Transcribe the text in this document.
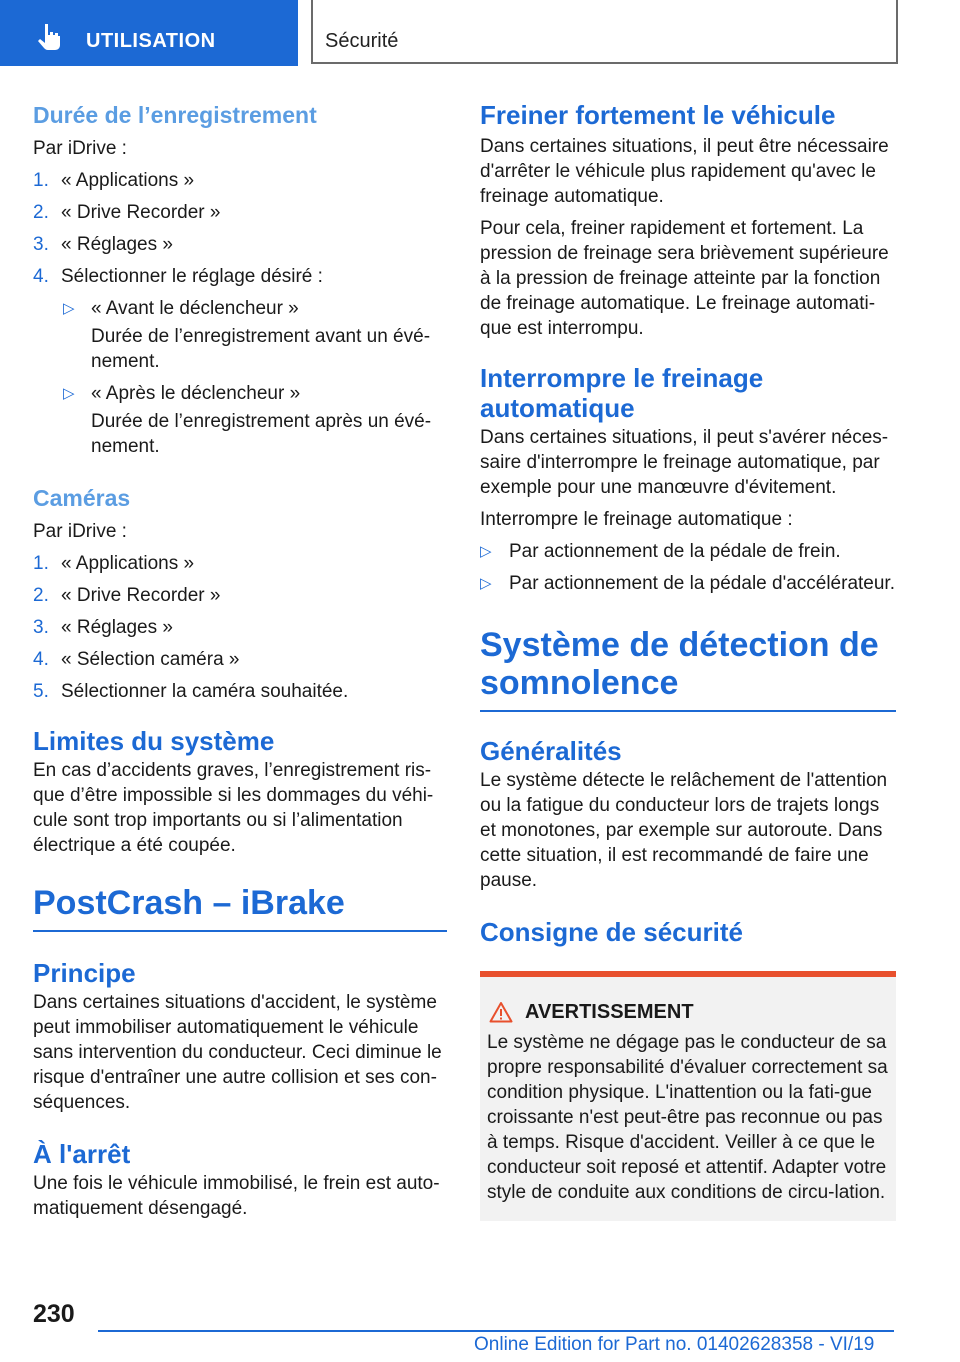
UTILISATION	Sécurité
Durée de l’enregistrement

Par iDrive :

1. « Applications »
2. « Drive Recorder »
3. « Réglages »
4. Sélectionner le réglage désiré :
▷ « Avant le déclencheur »
Durée de l’enregistrement avant un évé-nement.
▷ « Après le déclencheur »
Durée de l’enregistrement après un évé-nement.
Caméras

Par iDrive :

1. « Applications »
2. « Drive Recorder »
3. « Réglages »
4. « Sélection caméra »
5. Sélectionner la caméra souhaitée.
Limites du système

En cas d’accidents graves, l’enregistrement ris-que d’être impossible si les dommages du véhi-cule sont trop importants ou si l’alimentation électrique a été coupée.

PostCrash – iBrake
Principe

Dans certaines situations d'accident, le système peut immobiliser automatiquement le véhicule sans intervention du conducteur. Ceci diminue le risque d'entraîner une autre collision et ses con-séquences.

À l'arrêt

Une fois le véhicule immobilisé, le frein est auto-matiquement désengagé.

Freiner fortement le véhicule

Dans certaines situations, il peut être nécessaire d'arrêter le véhicule plus rapidement qu'avec le freinage automatique.

Pour cela, freiner rapidement et fortement. La pression de freinage sera brièvement supérieure à la pression de freinage atteinte par la fonction de freinage automatique. Le freinage automati-que est interrompu.

Interrompre le freinage automatique

Dans certaines situations, il peut s'avérer néces-saire d'interrompre le freinage automatique, par exemple pour une manœuvre d'évitement.

Interrompre le freinage automatique :

▷ Par actionnement de la pédale de frein.
▷ Par actionnement de la pédale d'accélérateur.
Système de détection de somnolence
Généralités

Le système détecte le relâchement de l'attention ou la fatigue du conducteur lors de trajets longs et monotones, par exemple sur autoroute. Dans cette situation, il est recommandé de faire une pause.

Consigne de sécurité
AVERTISSEMENT

Le système ne dégage pas le conducteur de sa propre responsabilité d'évaluer correctement sa condition physique. L'inattention ou la fati-gue croissante n'est peut-être pas reconnue ou pas à temps. Risque d'accident. Veiller à ce que le conducteur soit reposé et attentif. Adapter votre style de conduite aux conditions de circu-lation.

230
Online Edition for Part no. 01402628358 - VI/19
